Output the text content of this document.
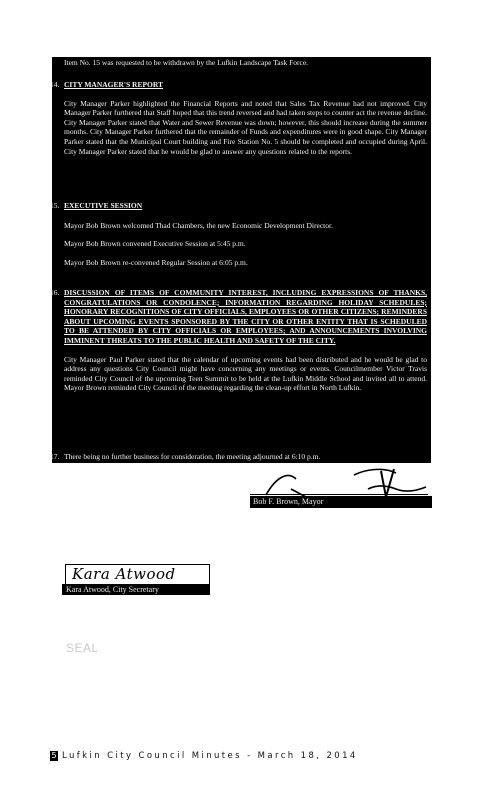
Item No. 15 was requested to be withdrawn by the Lufkin Landscape Task Force.

14. CITY MANAGER'S REPORT

City Manager Parker highlighted the Financial Reports and noted that Sales Tax Revenue had not improved. City Manager Parker furthered that Staff hoped that this trend reversed and had taken steps to counter act the revenue decline. City Manager Parker stated that Water and Sewer Revenue was down; however, this should increase during the summer months. City Manager Parker furthered that the remainder of Funds and expenditures were in good shape. City Manager Parker stated that the Municipal Court building and Fire Station No. 5 should be completed and occupied during April. City Manager Parker stated that he would be glad to answer any questions related to the reports.

15. EXECUTIVE SESSION

Mayor Bob Brown welcomed Thad Chambers, the new Economic Development Director.

Mayor Bob Brown convened Executive Session at 5:45 p.m.

Mayor Bob Brown re-convened Regular Session at 6:05 p.m.

16. DISCUSSION OF ITEMS OF COMMUNITY INTEREST, INCLUDING EXPRESSIONS OF THANKS, CONGRATULATIONS OR CONDOLENCE; INFORMATION REGARDING HOLIDAY SCHEDULES; HONORARY RECOGNITIONS OF CITY OFFICIALS, EMPLOYEES OR OTHER CITIZENS; REMINDERS ABOUT UPCOMING EVENTS SPONSORED BY THE CITY OR OTHER ENTITY THAT IS SCHEDULED TO BE ATTENDED BY CITY OFFICIALS OR EMPLOYEES; AND ANNOUNCEMENTS INVOLVING IMMINENT THREATS TO THE PUBLIC HEALTH AND SAFETY OF THE CITY.

City Manager Paul Parker stated that the calendar of upcoming events had been distributed and he would be glad to address any questions City Council might have concerning any meetings or events. Councilmember Victor Travis reminded City Council of the upcoming Teen Summit to be held at the Lufkin Middle School and invited all to attend. Mayor Brown reminded City Council of the meeting regarding the clean-up effort in North Lufkin.

17. There being no further business for consideration, the meeting adjourned at 6:10 p.m.

Bob F. Brown, Mayor
Kara Atwood
Kara Atwood, City Secretary
SEAL
5 Lufkin City Council Minutes - March 18, 2014
